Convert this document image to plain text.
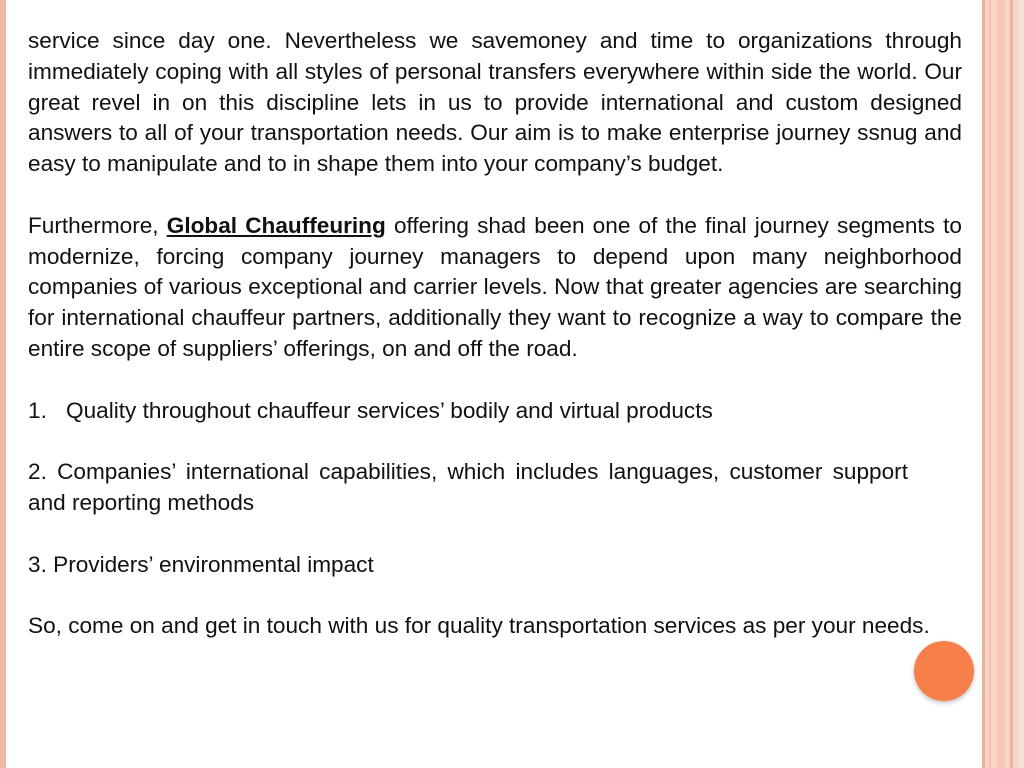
service since day one. Nevertheless we savemoney and time to organizations through immediately coping with all styles of personal transfers everywhere within side the world. Our great revel in on this discipline lets in us to provide international and custom designed answers to all of your transportation needs. Our aim is to make enterprise journey ssnug and easy to manipulate and to in shape them into your company’s budget.

Furthermore, Global Chauffeuring offering shad been one of the final journey segments to modernize, forcing company journey managers to depend upon many neighborhood companies of various exceptional and carrier levels. Now that greater agencies are searching for international chauffeur partners, additionally they want to recognize a way to compare the entire scope of suppliers’ offerings, on and off the road.

1. Quality throughout chauffeur services’ bodily and virtual products

2. Companies’ international capabilities, which includes languages, customer support and reporting methods

3. Providers’ environmental impact

So, come on and get in touch with us for quality transportation services as per your needs.
